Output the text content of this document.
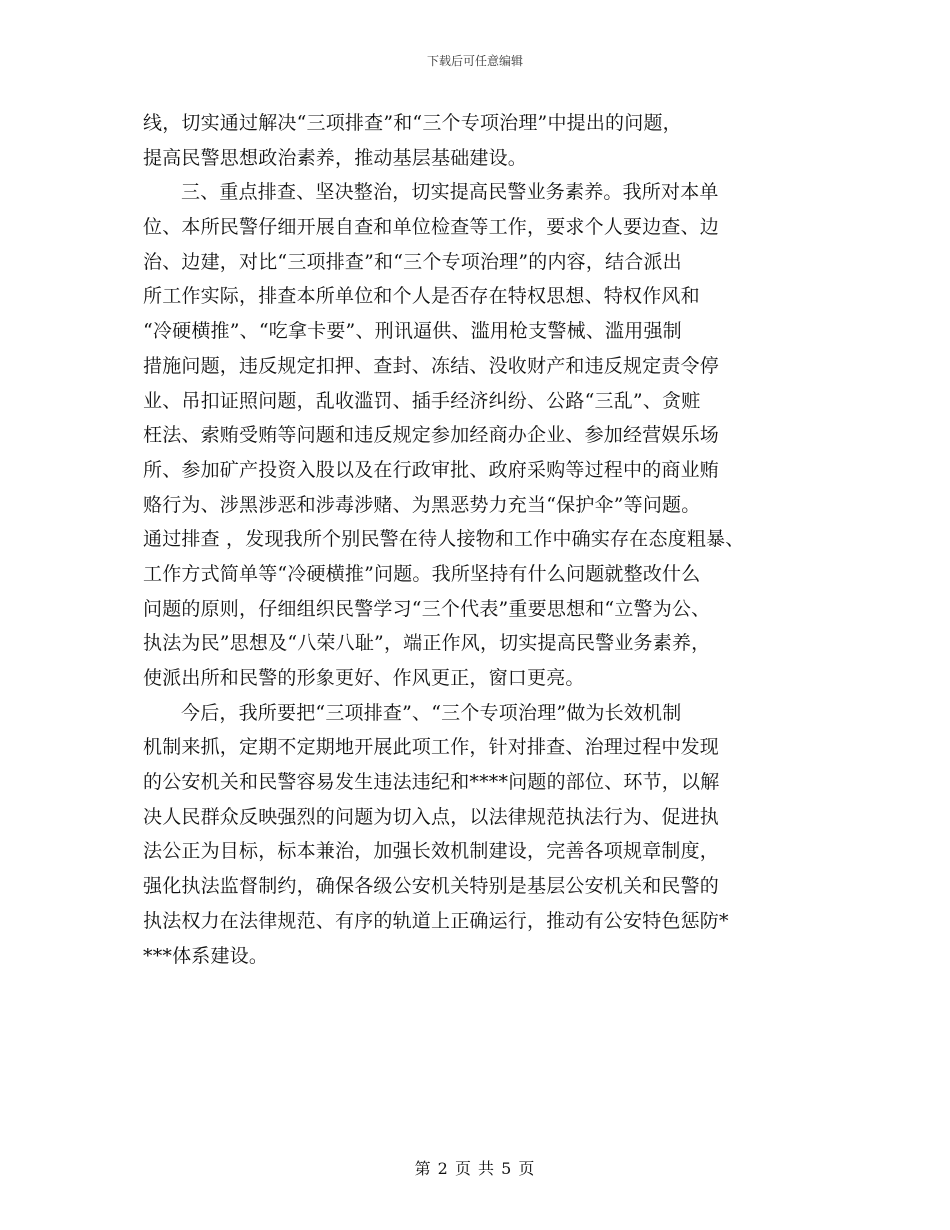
下载后可任意编辑
线，切实通过解决“三项排查”和“三个专项治理”中提出的问题，
提高民警思想政治素养，推动基层基础建设。
三、重点排查、坚决整治，切实提高民警业务素养。我所对本单
位、本所民警仔细开展自查和单位检查等工作，要求个人要边查、边
治、边建，对比“三项排查”和“三个专项治理”的内容，结合派出
所工作实际，排查本所单位和个人是否存在特权思想、特权作风和
“冷硬横推”、“吃拿卡要”、刑讯逼供、滥用枪支警械、滥用强制
措施问题，违反规定扣押、查封、冻结、没收财产和违反规定责令停
业、吊扣证照问题，乱收滥罚、插手经济纠纷、公路“三乱”、贪赃
枉法、索贿受贿等问题和违反规定参加经商办企业、参加经营娱乐场
所、参加矿产投资入股以及在行政审批、政府采购等过程中的商业贿
赂行为、涉黑涉恶和涉毒涉赌、为黑恶势力充当“保护伞”等问题。
通过排查 ，发现我所个别民警在待人接物和工作中确实存在态度粗暴、
工作方式简单等“冷硬横推”问题。我所坚持有什么问题就整改什么
问题的原则，仔细组织民警学习“三个代表”重要思想和“立警为公、
执法为民”思想及“八荣八耻”，端正作风，切实提高民警业务素养，
使派出所和民警的形象更好、作风更正，窗口更亮。
今后，我所要把“三项排查”、“三个专项治理”做为长效机制
机制来抓，定期不定期地开展此项工作，针对排查、治理过程中发现
的公安机关和民警容易发生违法违纪和****问题的部位、环节，以解
决人民群众反映强烈的问题为切入点，以法律规范执法行为、促进执
法公正为目标，标本兼治，加强长效机制建设，完善各项规章制度，
强化执法监督制约，确保各级公安机关特别是基层公安机关和民警的
执法权力在法律规范、有序的轨道上正确运行，推动有公安特色惩防*
***体系建设。
第 2 页 共 5 页
